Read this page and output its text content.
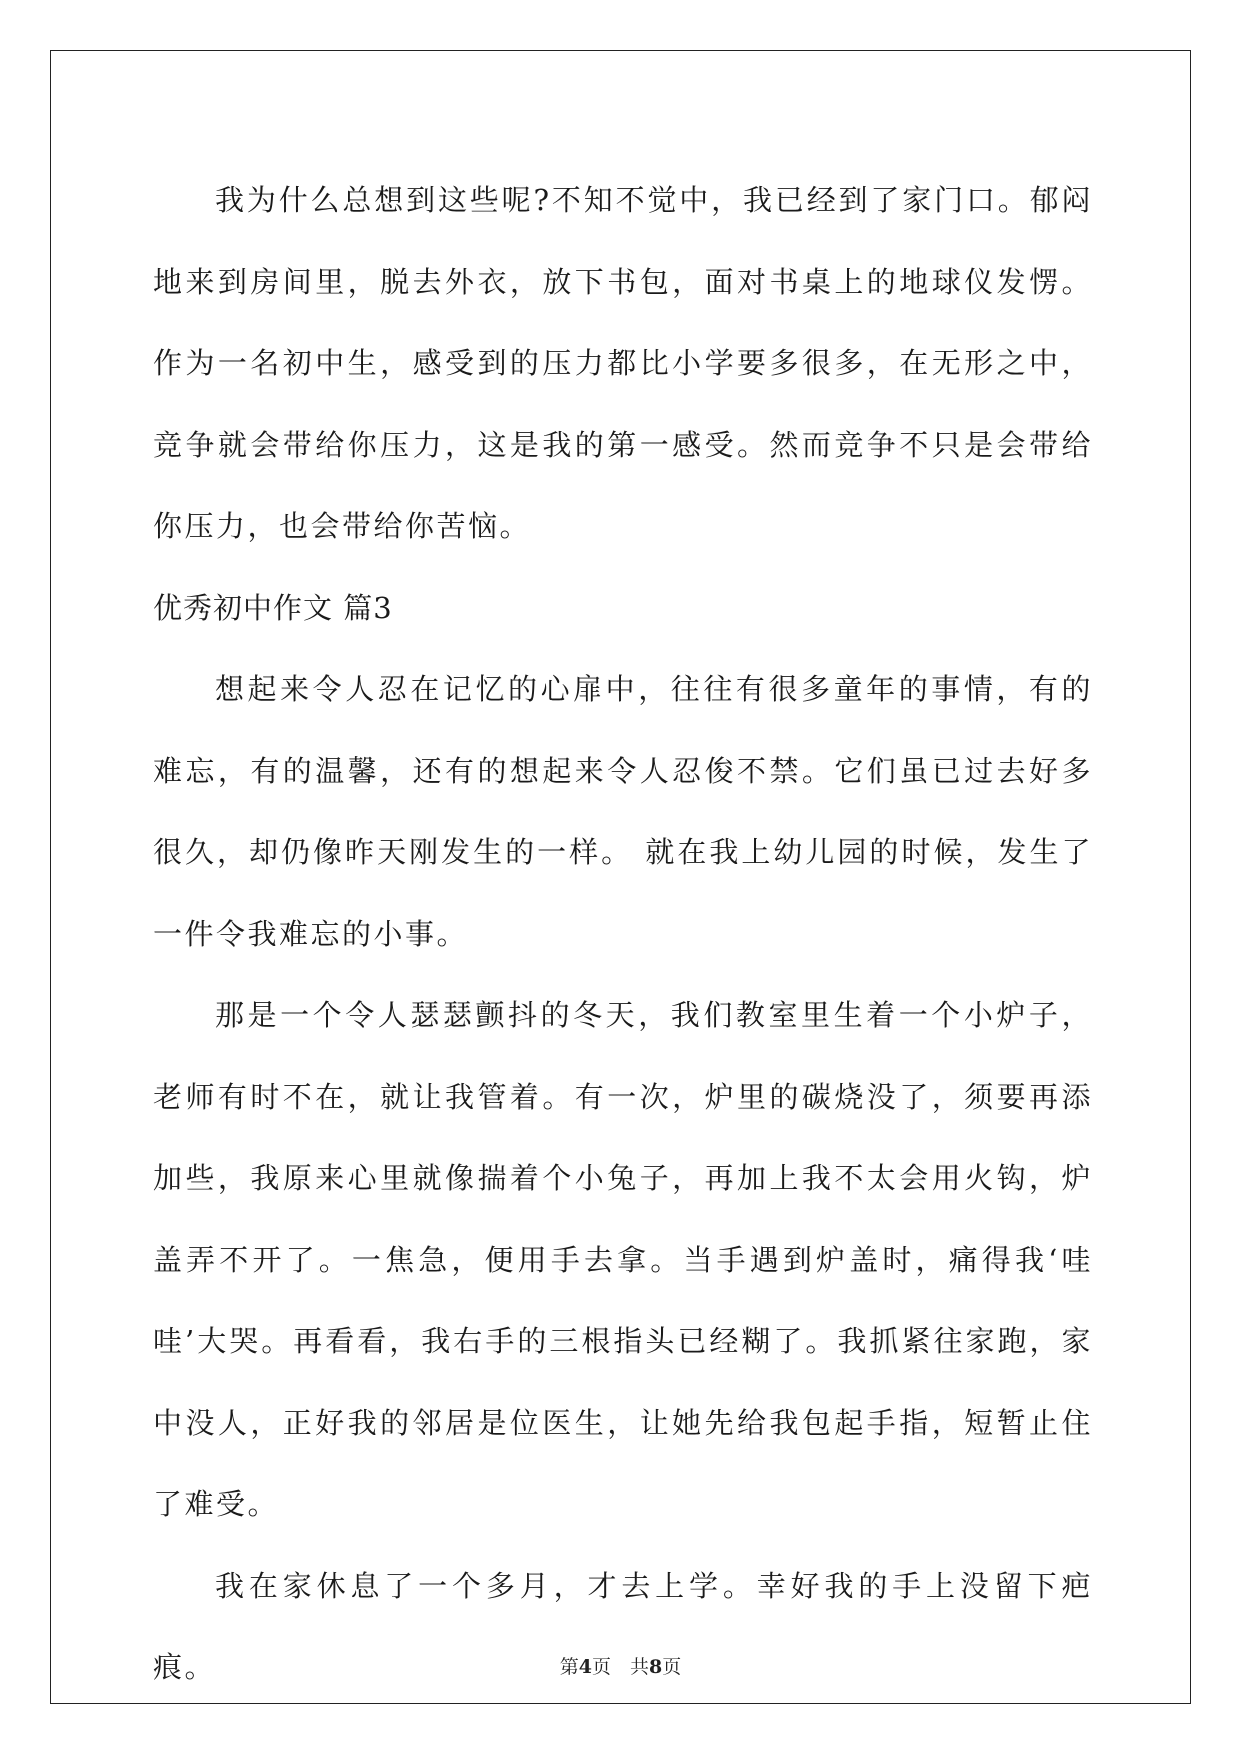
我为什么总想到这些呢?不知不觉中，我已经到了家门口。郁闷地来到房间里，脱去外衣，放下书包，面对书桌上的地球仪发愣。作为一名初中生，感受到的压力都比小学要多很多，在无形之中，竞争就会带给你压力，这是我的第一感受。然而竞争不只是会带给你压力，也会带给你苦恼。

优秀初中作文 篇3

想起来令人忍在记忆的心扉中，往往有很多童年的事情，有的难忘，有的温馨，还有的想起来令人忍俊不禁。它们虽已过去好多很久，却仍像昨天刚发生的一样。 就在我上幼儿园的时候，发生了一件令我难忘的小事。

那是一个令人瑟瑟颤抖的冬天，我们教室里生着一个小炉子，老师有时不在，就让我管着。有一次，炉里的碳烧没了，须要再添加些，我原来心里就像揣着个小兔子，再加上我不太会用火钩，炉盖弄不开了。一焦急，便用手去拿。当手遇到炉盖时，痛得我‘哇哇’大哭。再看看，我右手的三根指头已经糊了。我抓紧往家跑，家中没人，正好我的邻居是位医生，让她先给我包起手指，短暂止住了难受。

我在家休息了一个多月，才去上学。幸好我的手上没留下疤痕。	第4页　共8页
